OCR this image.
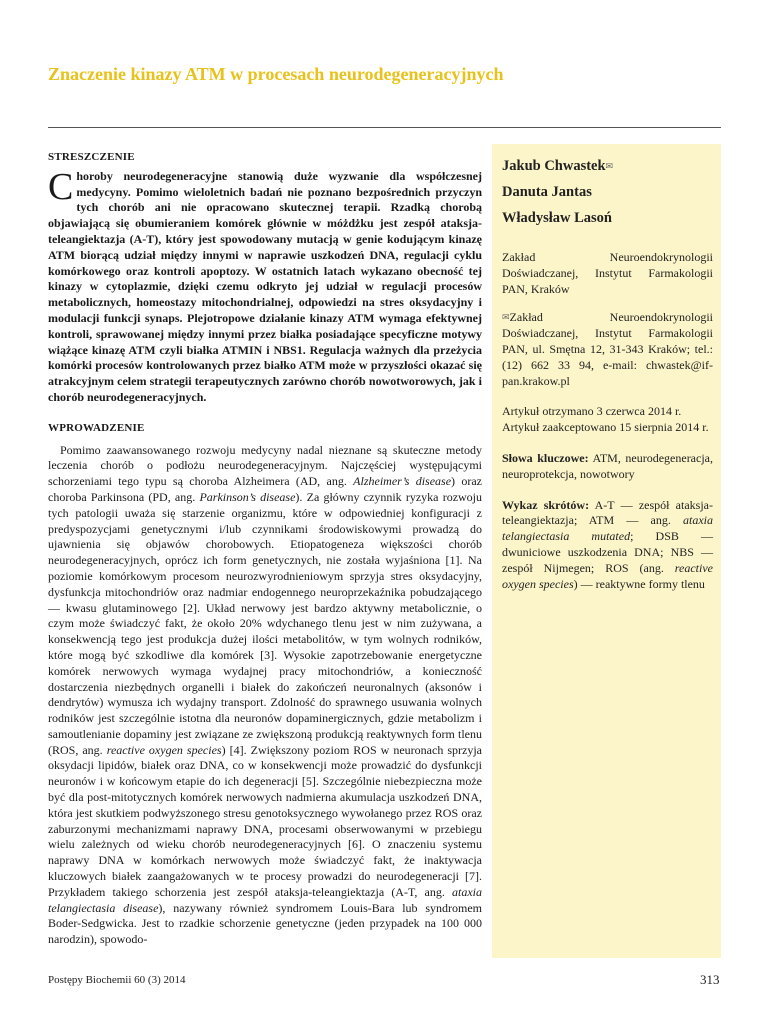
Znaczenie kinazy ATM w procesach neurodegeneracyjnych
STRESZCZENIE
Choroby neurodegeneracyjne stanowią duże wyzwanie dla współczesnej medycyny. Pomimo wieloletnich badań nie poznano bezpośrednich przyczyn tych chorób ani nie opracowano skutecznej terapii. Rzadką chorobą objawiającą się obumieraniem komórek głównie w móżdżku jest zespół ataksja-teleangiektazja (A-T), który jest spowodowany mutacją w genie kodującym kinazę ATM biorącą udział między innymi w naprawie uszkodzeń DNA, regulacji cyklu komórkowego oraz kontroli apoptozy. W ostatnich latach wykazano obecność tej kinazy w cytoplazmie, dzięki czemu odkryto jej udział w regulacji procesów metabolicznych, homeostazy mitochondrialnej, odpowiedzi na stres oksydacyjny i modulacji funkcji synaps. Plejotropowe działanie kinazy ATM wymaga efektywnej kontroli, sprawowanej między innymi przez białka posiadające specyficzne motywy wiążące kinazę ATM czyli białka ATMIN i NBS1. Regulacja ważnych dla przeżycia komórki procesów kontrolowanych przez białko ATM może w przyszłości okazać się atrakcyjnym celem strategii terapeutycznych zarówno chorób nowotworowych, jak i chorób neurodegeneracyjnych.
WPROWADZENIE
Pomimo zaawansowanego rozwoju medycyny nadal nieznane są skuteczne metody leczenia chorób o podłożu neurodegeneracyjnym. Najczęściej występującymi schorzeniami tego typu są choroba Alzheimera (AD, ang. Alzheimer’s disease) oraz choroba Parkinsona (PD, ang. Parkinson’s disease). Za główny czynnik ryzyka rozwoju tych patologii uważa się starzenie organizmu, które w odpowiedniej konfiguracji z predyspozycjami genetycznymi i/lub czynnikami środowiskowymi prowadzą do ujawnienia się objawów chorobowych. Etiopatogeneza większości chorób neurodegeneracyjnych, oprócz ich form genetycznych, nie została wyjaśniona [1]. Na poziomie komórkowym procesom neurozwyrodnieniowym sprzyja stres oksydacyjny, dysfunkcja mitochondriów oraz nadmiar endogennego neuroprzekaźnika pobudzającego — kwasu glutaminowego [2]. Układ nerwowy jest bardzo aktywny metabolicznie, o czym może świadczyć fakt, że około 20% wdychanego tlenu jest w nim zużywana, a konsekwencją tego jest produkcja dużej ilości metabolitów, w tym wolnych rodników, które mogą być szkodliwe dla komórek [3]. Wysokie zapotrzebowanie energetyczne komórek nerwowych wymaga wydajnej pracy mitochondriów, a konieczność dostarczenia niezbędnych organelli i białek do zakończeń neuronalnych (aksonów i dendrytów) wymusza ich wydajny transport. Zdolność do sprawnego usuwania wolnych rodników jest szczególnie istotna dla neuronów dopaminergicznych, gdzie metabolizm i samoutlenianie dopaminy jest związane ze zwiększoną produkcją reaktywnych form tlenu (ROS, ang. reactive oxygen species) [4]. Zwiększony poziom ROS w neuronach sprzyja oksydacji lipidów, białek oraz DNA, co w konsekwencji może prowadzić do dysfunkcji neuronów i w końcowym etapie do ich degeneracji [5]. Szczególnie niebezpieczna może być dla post-mitotycznych komórek nerwowych nadmierna akumulacja uszkodzeń DNA, która jest skutkiem podwyższonego stresu genotoksycznego wywołanego przez ROS oraz zaburzonymi mechanizmami naprawy DNA, procesami obserwowanymi w przebiegu wielu zależnych od wieku chorób neurodegeneracyjnych [6]. O znaczeniu systemu naprawy DNA w komórkach nerwowych może świadczyć fakt, że inaktywacja kluczowych białek zaangażowanych w te procesy prowadzi do neurodegeneracji [7]. Przykładem takiego schorzenia jest zespół ataksja-teleangiektazja (A-T, ang. ataxia telangiectasia disease), nazywany również syndromem Louis-Bara lub syndromem Boder-Sedgwicka. Jest to rzadkie schorzenie genetyczne (jeden przypadek na 100 000 narodzin), spowodo-
Jakub Chwastek✉
Danuta Jantas
Władysław Lasoń
Zakład Neuroendokrynologii Doświadczanej, Instytut Farmakologii PAN, Kraków
✉Zakład Neuroendokrynologii Doświadczanej, Instytut Farmakologii PAN, ul. Smętna 12, 31-343 Kraków; tel.: (12) 662 33 94, e-mail: chwastek@if-pan.krakow.pl
Artykuł otrzymano 3 czerwca 2014 r.
Artykuł zaakceptowano 15 sierpnia 2014 r.
Słowa kluczowe: ATM, neurodegeneracja, neuroprotekcja, nowotwory
Wykaz skrótów: A-T — zespół ataksja-teleangiektazja; ATM — ang. ataxia telangiectasia mutated; DSB — dwuniciowe uszkodzenia DNA; NBS — zespół Nijmegen; ROS (ang. reactive oxygen species) — reaktywne formy tlenu
Postępy Biochemii 60 (3) 2014	313
